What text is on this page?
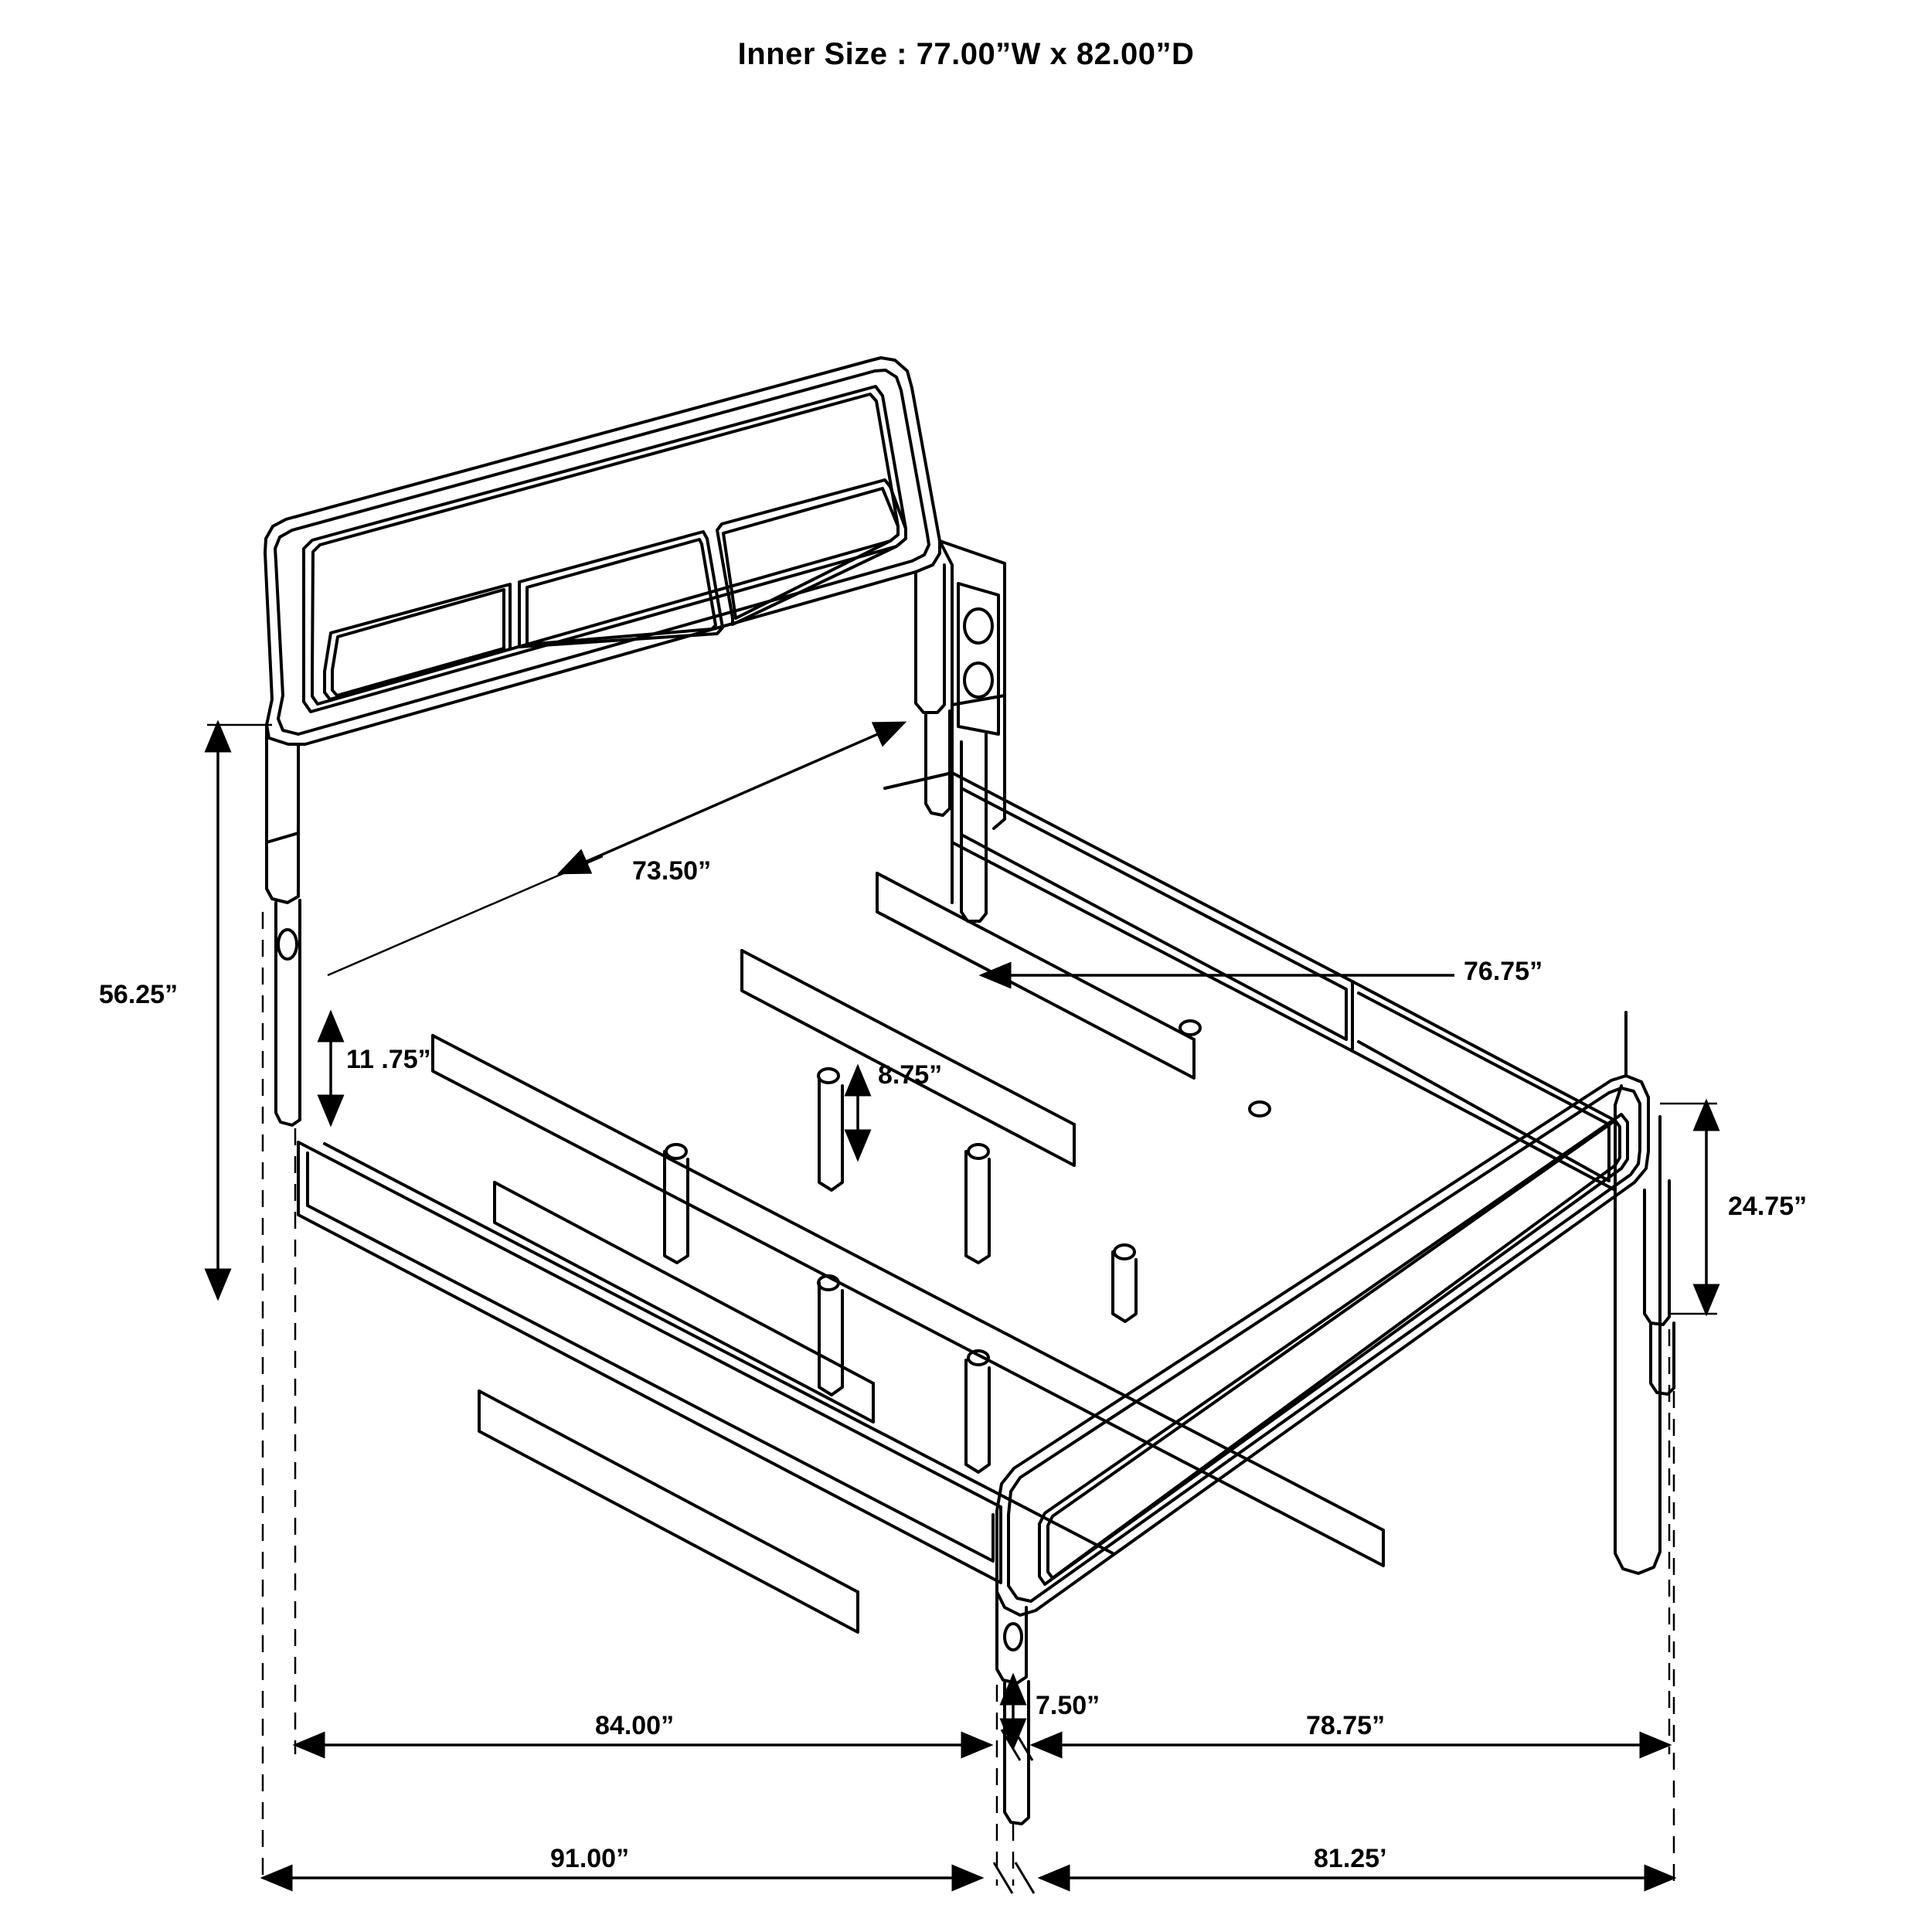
Inner Size : 77.00”W x 82.00”D
56.25”
73.50”
11 .75”
8.75”
76.75”
24.75”
7.50”
84.00”	78.75”
91.00”	81.25’
